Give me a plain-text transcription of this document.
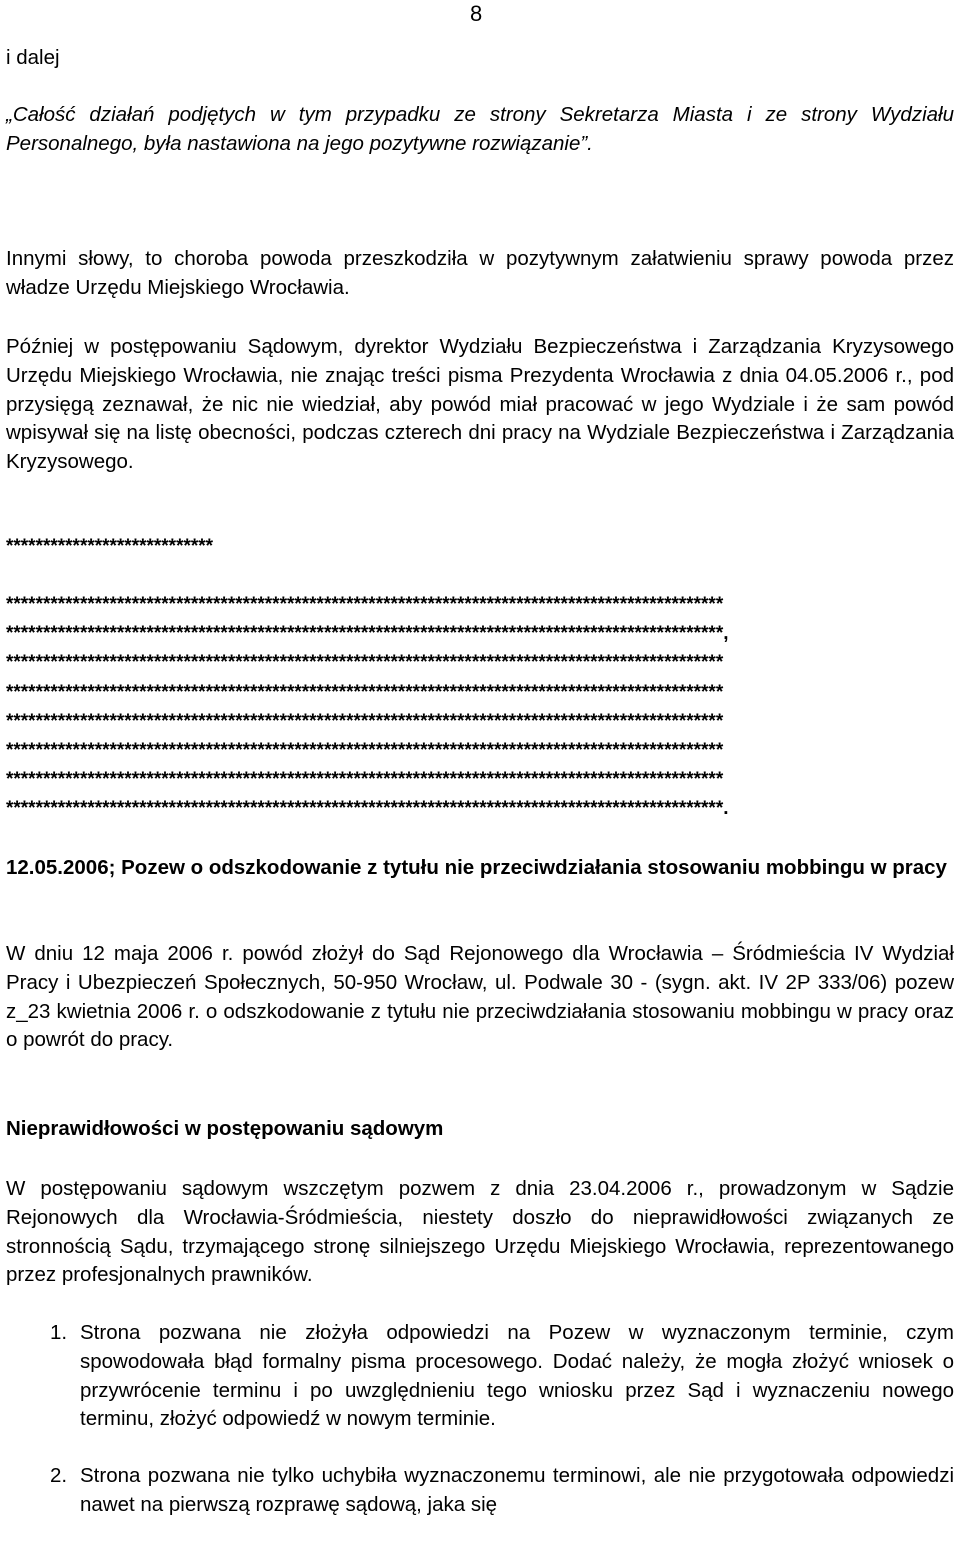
8
i dalej
„Całość działań podjętych w tym przypadku ze strony Sekretarza Miasta i ze strony Wydziału Personalnego, była nastawiona na jego pozytywne rozwiązanie”.
Innymi słowy, to choroba powoda przeszkodziła w pozytywnym załatwieniu sprawy powoda przez władze Urzędu Miejskiego Wrocławia.
Później w postępowaniu Sądowym, dyrektor Wydziału Bezpieczeństwa i Zarządzania Kryzysowego Urzędu Miejskiego Wrocławia, nie znając treści pisma Prezydenta Wrocławia z dnia 04.05.2006 r., pod przysięgą zeznawał, że nic nie wiedział, aby powód miał pracować w jego Wydziale i że sam powód wpisywał się na listę obecności, podczas czterech dni pracy na Wydziale Bezpieczeństwa i Zarządzania Kryzysowego.
****************************
*************************************************************************************************
*************************************************************************************************,
*************************************************************************************************
*************************************************************************************************
*************************************************************************************************
*************************************************************************************************
*************************************************************************************************
*************************************************************************************************.
12.05.2006; Pozew o odszkodowanie z tytułu nie przeciwdziałania stosowaniu mobbingu w pracy
W dniu 12 maja 2006 r. powód złożył do Sąd Rejonowego dla Wrocławia – Śródmieścia IV Wydział Pracy i Ubezpieczeń Społecznych, 50-950 Wrocław, ul. Podwale 30 - (sygn. akt. IV 2P 333/06) pozew z_23 kwietnia 2006 r. o odszkodowanie z tytułu nie przeciwdziałania stosowaniu mobbingu w pracy oraz o powrót do pracy.
Nieprawidłowości w postępowaniu sądowym
W postępowaniu sądowym wszczętym pozwem z dnia 23.04.2006 r., prowadzonym w Sądzie Rejonowych dla Wrocławia-Śródmieścia, niestety doszło do nieprawidłowości związanych ze stronnością Sądu, trzymającego stronę silniejszego Urzędu Miejskiego Wrocławia, reprezentowanego przez profesjonalnych prawników.
1. Strona pozwana nie złożyła odpowiedzi na Pozew w wyznaczonym terminie, czym spowodowała błąd formalny pisma procesowego. Dodać należy, że mogła złożyć wniosek o przywrócenie terminu i po uwzględnieniu tego wniosku przez Sąd i wyznaczeniu nowego terminu, złożyć odpowiedź w nowym terminie.
2. Strona pozwana nie tylko uchybiła wyznaczonemu terminowi, ale nie przygotowała odpowiedzi nawet na pierwszą rozprawę sądową, jaka się
